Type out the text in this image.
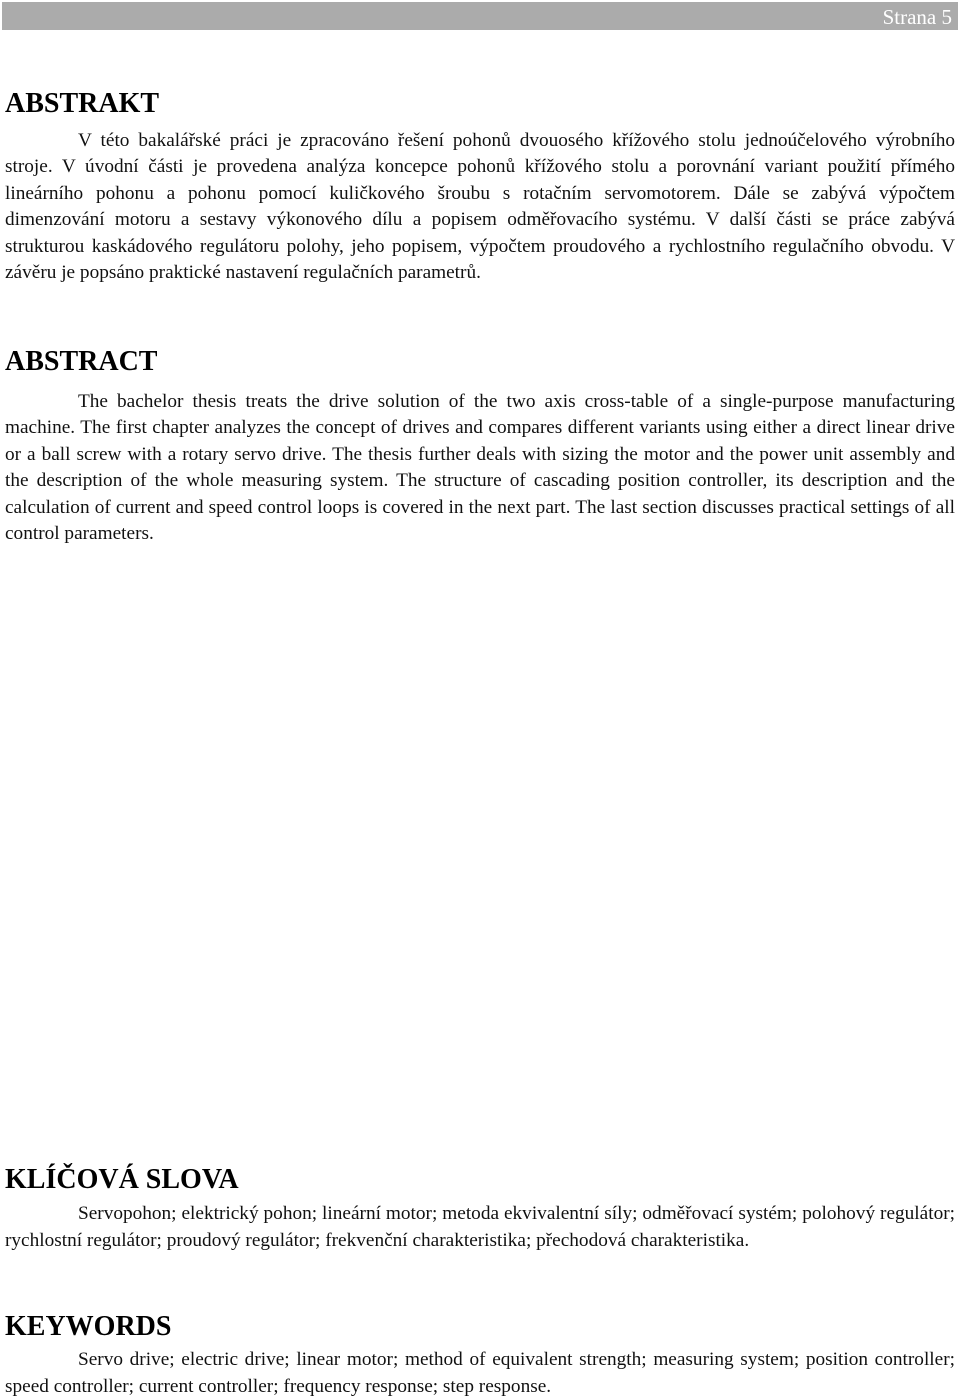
Strana 5
ABSTRAKT

V této bakalářské práci je zpracováno řešení pohonů dvouosého křížového stolu jednoúčelového výrobního stroje. V úvodní části je provedena analýza koncepce pohonů křížového stolu a porovnání variant použití přímého lineárního pohonu a pohonu pomocí kuličkového šroubu s rotačním servomotorem. Dále se zabývá výpočtem dimenzování motoru a sestavy výkonového dílu a popisem odměřovacího systému. V další části se práce zabývá strukturou kaskádového regulátoru polohy, jeho popisem, výpočtem proudového a rychlostního regulačního obvodu. V závěru je popsáno praktické nastavení regulačních parametrů.

ABSTRACT

The bachelor thesis treats the drive solution of the two axis cross-table of a single-purpose manufacturing machine. The first chapter analyzes the concept of drives and compares different variants using either a direct linear drive or a ball screw with a rotary servo drive. The thesis further deals with sizing the motor and the power unit assembly and the description of the whole measuring system. The structure of cascading position controller, its description and the calculation of current and speed control loops is covered in the next part. The last section discusses practical settings of all control parameters.

KLÍČOVÁ SLOVA

Servopohon; elektrický pohon; lineární motor; metoda ekvivalentní síly; odměřovací systém; polohový regulátor; rychlostní regulátor; proudový regulátor; frekvenční charakteristika; přechodová charakteristika.

KEYWORDS

Servo drive; electric drive; linear motor; method of equivalent strength; measuring system; position controller; speed controller; current controller; frequency response; step response.
